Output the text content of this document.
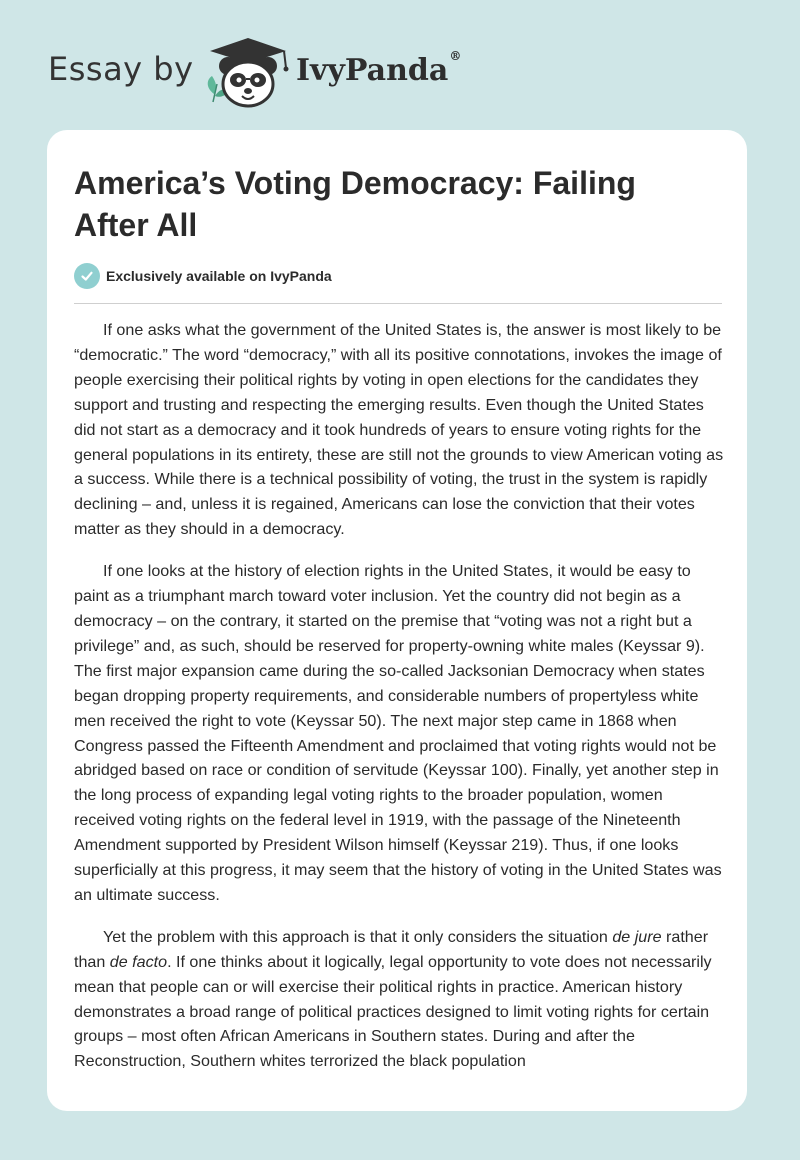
Essay by	IvyPanda®
America’s Voting Democracy: Failing After All
Exclusively available on IvyPanda

If one asks what the government of the United States is, the answer is most likely to be “democratic.” The word “democracy,” with all its positive connotations, invokes the image of people exercising their political rights by voting in open elections for the candidates they support and trusting and respecting the emerging results. Even though the United States did not start as a democracy and it took hundreds of years to ensure voting rights for the general populations in its entirety, these are still not the grounds to view American voting as a success. While there is a technical possibility of voting, the trust in the system is rapidly declining – and, unless it is regained, Americans can lose the conviction that their votes matter as they should in a democracy.

If one looks at the history of election rights in the United States, it would be easy to paint as a triumphant march toward voter inclusion. Yet the country did not begin as a democracy – on the contrary, it started on the premise that “voting was not a right but a privilege” and, as such, should be reserved for property-owning white males (Keyssar 9). The first major expansion came during the so-called Jacksonian Democracy when states began dropping property requirements, and considerable numbers of propertyless white men received the right to vote (Keyssar 50). The next major step came in 1868 when Congress passed the Fifteenth Amendment and proclaimed that voting rights would not be abridged based on race or condition of servitude (Keyssar 100). Finally, yet another step in the long process of expanding legal voting rights to the broader population, women received voting rights on the federal level in 1919, with the passage of the Nineteenth Amendment supported by President Wilson himself (Keyssar 219). Thus, if one looks superficially at this progress, it may seem that the history of voting in the United States was an ultimate success.

Yet the problem with this approach is that it only considers the situation de jure rather than de facto. If one thinks about it logically, legal opportunity to vote does not necessarily mean that people can or will exercise their political rights in practice. American history demonstrates a broad range of political practices designed to limit voting rights for certain groups – most often African Americans in Southern states. During and after the Reconstruction, Southern whites terrorized the black population
